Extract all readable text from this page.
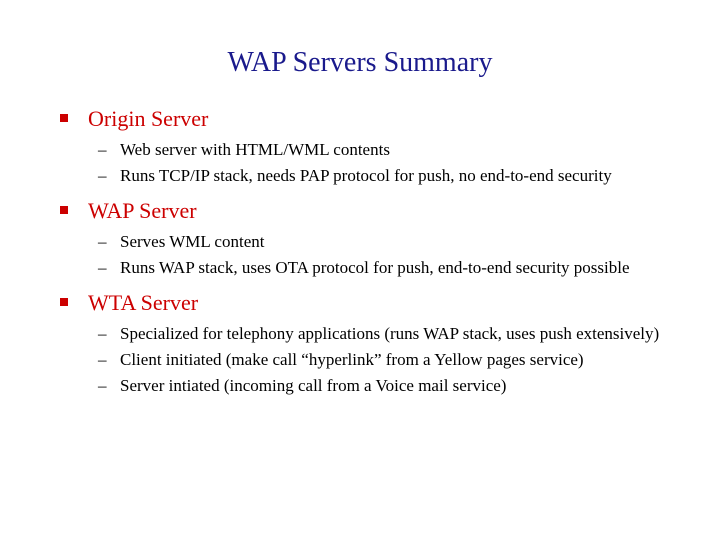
WAP Servers Summary
Origin Server
– Web server with HTML/WML contents
– Runs TCP/IP stack, needs PAP protocol for push, no end-to-end security
WAP Server
– Serves WML content
– Runs WAP stack, uses OTA protocol for push, end-to-end security possible
WTA Server
– Specialized for telephony applications (runs WAP stack, uses push extensively)
– Client initiated (make call “hyperlink” from a Yellow pages service)
– Server intiated (incoming call from a Voice mail service)
